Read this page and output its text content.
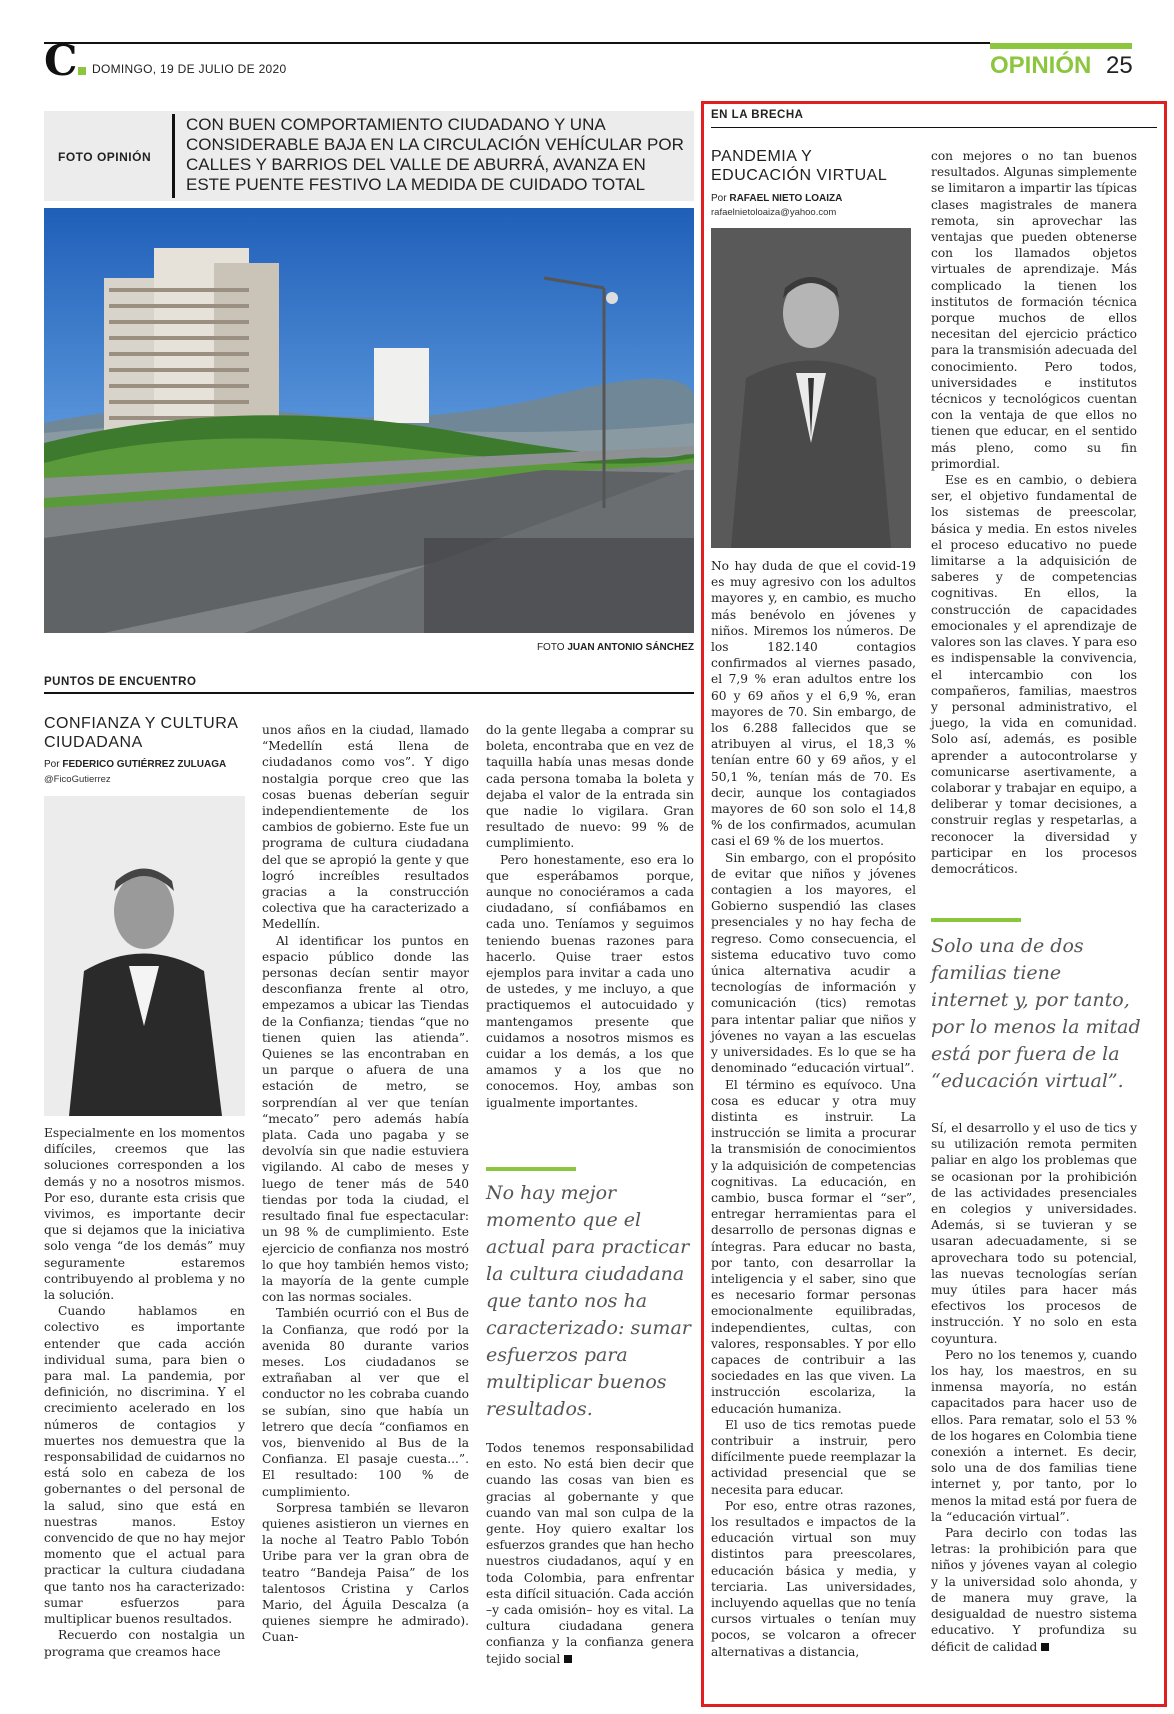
C	DOMINGO, 19 DE JULIO DE 2020	OPINIÓN 25
FOTO OPINIÓN
CON BUEN COMPORTAMIENTO CIUDADANO Y UNA CONSIDERABLE BAJA EN LA CIRCULACIÓN VEHÍCULAR POR CALLES Y BARRIOS DEL VALLE DE ABURRÁ, AVANZA EN ESTE PUENTE FESTIVO LA MEDIDA DE CUIDADO TOTAL
FOTO JUAN ANTONIO SÁNCHEZ
PUNTOS DE ENCUENTRO
CONFIANZA Y CULTURA CIUDADANA
Por FEDERICO GUTIÉRREZ ZULUAGA
@FicoGutierrez

Especialmente en los momentos difíciles, creemos que las soluciones corresponden a los demás y no a nosotros mismos. Por eso, durante esta crisis que vivimos, es importante decir que si dejamos que la iniciativa solo venga “de los demás” muy seguramente estaremos contribuyendo al problema y no la solución.

Cuando hablamos en colectivo es importante entender que cada acción individual suma, para bien o para mal. La pandemia, por definición, no discrimina. Y el crecimiento acelerado en los números de contagios y muertes nos demuestra que la responsabilidad de cuidarnos no está solo en cabeza de los gobernantes o del personal de la salud, sino que está en nuestras manos. Estoy convencido de que no hay mejor momento que el actual para practicar la cultura ciudadana que tanto nos ha caracterizado: sumar esfuerzos para multiplicar buenos resultados.

Recuerdo con nostalgia un programa que creamos hace

unos años en la ciudad, llamado “Medellín está llena de ciudadanos como vos”. Y digo nostalgia porque creo que las cosas buenas deberían seguir independientemente de los cambios de gobierno. Este fue un programa de cultura ciudadana del que se apropió la gente y que logró increíbles resultados gracias a la construcción colectiva que ha caracterizado a Medellín.

Al identificar los puntos en espacio público donde las personas decían sentir mayor desconfianza frente al otro, empezamos a ubicar las Tiendas de la Confianza; tiendas “que no tienen quien las atienda”. Quienes se las encontraban en un parque o afuera de una estación de metro, se sorprendían al ver que tenían “mecato” pero además había plata. Cada uno pagaba y se devolvía sin que nadie estuviera vigilando. Al cabo de meses y luego de tener más de 540 tiendas por toda la ciudad, el resultado final fue espectacular: un 98 % de cumplimiento. Este ejercicio de confianza nos mostró lo que hoy también hemos visto; la mayoría de la gente cumple con las normas sociales.

También ocurrió con el Bus de la Confianza, que rodó por la avenida 80 durante varios meses. Los ciudadanos se extrañaban al ver que el conductor no les cobraba cuando se subían, sino que había un letrero que decía “confiamos en vos, bienvenido al Bus de la Confianza. El pasaje cuesta...”. El resultado: 100 % de cumplimiento.

Sorpresa también se llevaron quienes asistieron un viernes en la noche al Teatro Pablo Tobón Uribe para ver la gran obra de teatro “Bandeja Paisa” de los talentosos Cristina y Carlos Mario, del Águila Descalza (a quienes siempre he admirado). Cuan-

do la gente llegaba a comprar su boleta, encontraba que en vez de taquilla había unas mesas donde cada persona tomaba la boleta y dejaba el valor de la entrada sin que nadie lo vigilara. Gran resultado de nuevo: 99 % de cumplimiento.

Pero honestamente, eso era lo que esperábamos porque, aunque no conociéramos a cada ciudadano, sí confiábamos en cada uno. Teníamos y seguimos teniendo buenas razones para hacerlo. Quise traer estos ejemplos para invitar a cada uno de ustedes, y me incluyo, a que practiquemos el autocuidado y mantengamos presente que cuidamos a nosotros mismos es cuidar a los demás, a los que amamos y a los que no conocemos. Hoy, ambas son igualmente importantes.

No hay mejor momento que el actual para practicar la cultura ciudadana que tanto nos ha caracterizado: sumar esfuerzos para multiplicar buenos resultados.

Todos tenemos responsabilidad en esto. No está bien decir que cuando las cosas van bien es gracias al gobernante y que cuando van mal son culpa de la gente. Hoy quiero exaltar los esfuerzos grandes que han hecho nuestros ciudadanos, aquí y en toda Colombia, para enfrentar esta difícil situación. Cada acción –y cada omisión– hoy es vital. La cultura ciudadana genera confianza y la confianza genera tejido social

EN LA BRECHA
PANDEMIA Y EDUCACIÓN VIRTUAL
Por RAFAEL NIETO LOAIZA
rafaelnietoloaiza@yahoo.com

No hay duda de que el covid-19 es muy agresivo con los adultos mayores y, en cambio, es mucho más benévolo en jóvenes y niños. Miremos los números. De los 182.140 contagios confirmados al viernes pasado, el 7,9 % eran adultos entre los 60 y 69 años y el 6,9 %, eran mayores de 70. Sin embargo, de los 6.288 fallecidos que se atribuyen al virus, el 18,3 % tenían entre 60 y 69 años, y el 50,1 %, tenían más de 70. Es decir, aunque los contagiados mayores de 60 son solo el 14,8 % de los confirmados, acumulan casi el 69 % de los muertos.

Sin embargo, con el propósito de evitar que niños y jóvenes contagien a los mayores, el Gobierno suspendió las clases presenciales y no hay fecha de regreso. Como consecuencia, el sistema educativo tuvo como única alternativa acudir a tecnologías de información y comunicación (tics) remotas para intentar paliar que niños y jóvenes no vayan a las escuelas y universidades. Es lo que se ha denominado “educación virtual”.

El término es equívoco. Una cosa es educar y otra muy distinta es instruir. La instrucción se limita a procurar la transmisión de conocimientos y la adquisición de competencias cognitivas. La educación, en cambio, busca formar el “ser”, entregar herramientas para el desarrollo de personas dignas e íntegras. Para educar no basta, por tanto, con desarrollar la inteligencia y el saber, sino que es necesario formar personas emocionalmente equilibradas, independientes, cultas, con valores, responsables. Y por ello capaces de contribuir a las sociedades en las que viven. La instrucción escolariza, la educación humaniza.

El uso de tics remotas puede contribuir a instruir, pero difícilmente puede reemplazar la actividad presencial que se necesita para educar.

Por eso, entre otras razones, los resultados e impactos de la educación virtual son muy distintos para preescolares, educación básica y media, y terciaria. Las universidades, incluyendo aquellas que no tenía cursos virtuales o tenían muy pocos, se volcaron a ofrecer alternativas a distancia,

con mejores o no tan buenos resultados. Algunas simplemente se limitaron a impartir las típicas clases magistrales de manera remota, sin aprovechar las ventajas que pueden obtenerse con los llamados objetos virtuales de aprendizaje. Más complicado la tienen los institutos de formación técnica porque muchos de ellos necesitan del ejercicio práctico para la transmisión adecuada del conocimiento. Pero todos, universidades e institutos técnicos y tecnológicos cuentan con la ventaja de que ellos no tienen que educar, en el sentido más pleno, como su fin primordial.

Ese es en cambio, o debiera ser, el objetivo fundamental de los sistemas de preescolar, básica y media. En estos niveles el proceso educativo no puede limitarse a la adquisición de saberes y de competencias cognitivas. En ellos, la construcción de capacidades emocionales y el aprendizaje de valores son las claves. Y para eso es indispensable la convivencia, el intercambio con los compañeros, familias, maestros y personal administrativo, el juego, la vida en comunidad. Solo así, además, es posible aprender a autocontrolarse y comunicarse asertivamente, a colaborar y trabajar en equipo, a deliberar y tomar decisiones, a construir reglas y respetarlas, a reconocer la diversidad y participar en los procesos democráticos.

Solo una de dos familias tiene internet y, por tanto, por lo menos la mitad está por fuera de la “educación virtual”.

Sí, el desarrollo y el uso de tics y su utilización remota permiten paliar en algo los problemas que se ocasionan por la prohibición de las actividades presenciales en colegios y universidades. Además, si se tuvieran y se usaran adecuadamente, si se aprovechara todo su potencial, las nuevas tecnologías serían muy útiles para hacer más efectivos los procesos de instrucción. Y no solo en esta coyuntura.

Pero no los tenemos y, cuando los hay, los maestros, en su inmensa mayoría, no están capacitados para hacer uso de ellos. Para rematar, solo el 53 % de los hogares en Colombia tiene conexión a internet. Es decir, solo una de dos familias tiene internet y, por tanto, por lo menos la mitad está por fuera de la “educación virtual”.

Para decirlo con todas las letras: la prohibición para que niños y jóvenes vayan al colegio y la universidad solo ahonda, y de manera muy grave, la desigualdad de nuestro sistema educativo. Y profundiza su déficit de calidad
